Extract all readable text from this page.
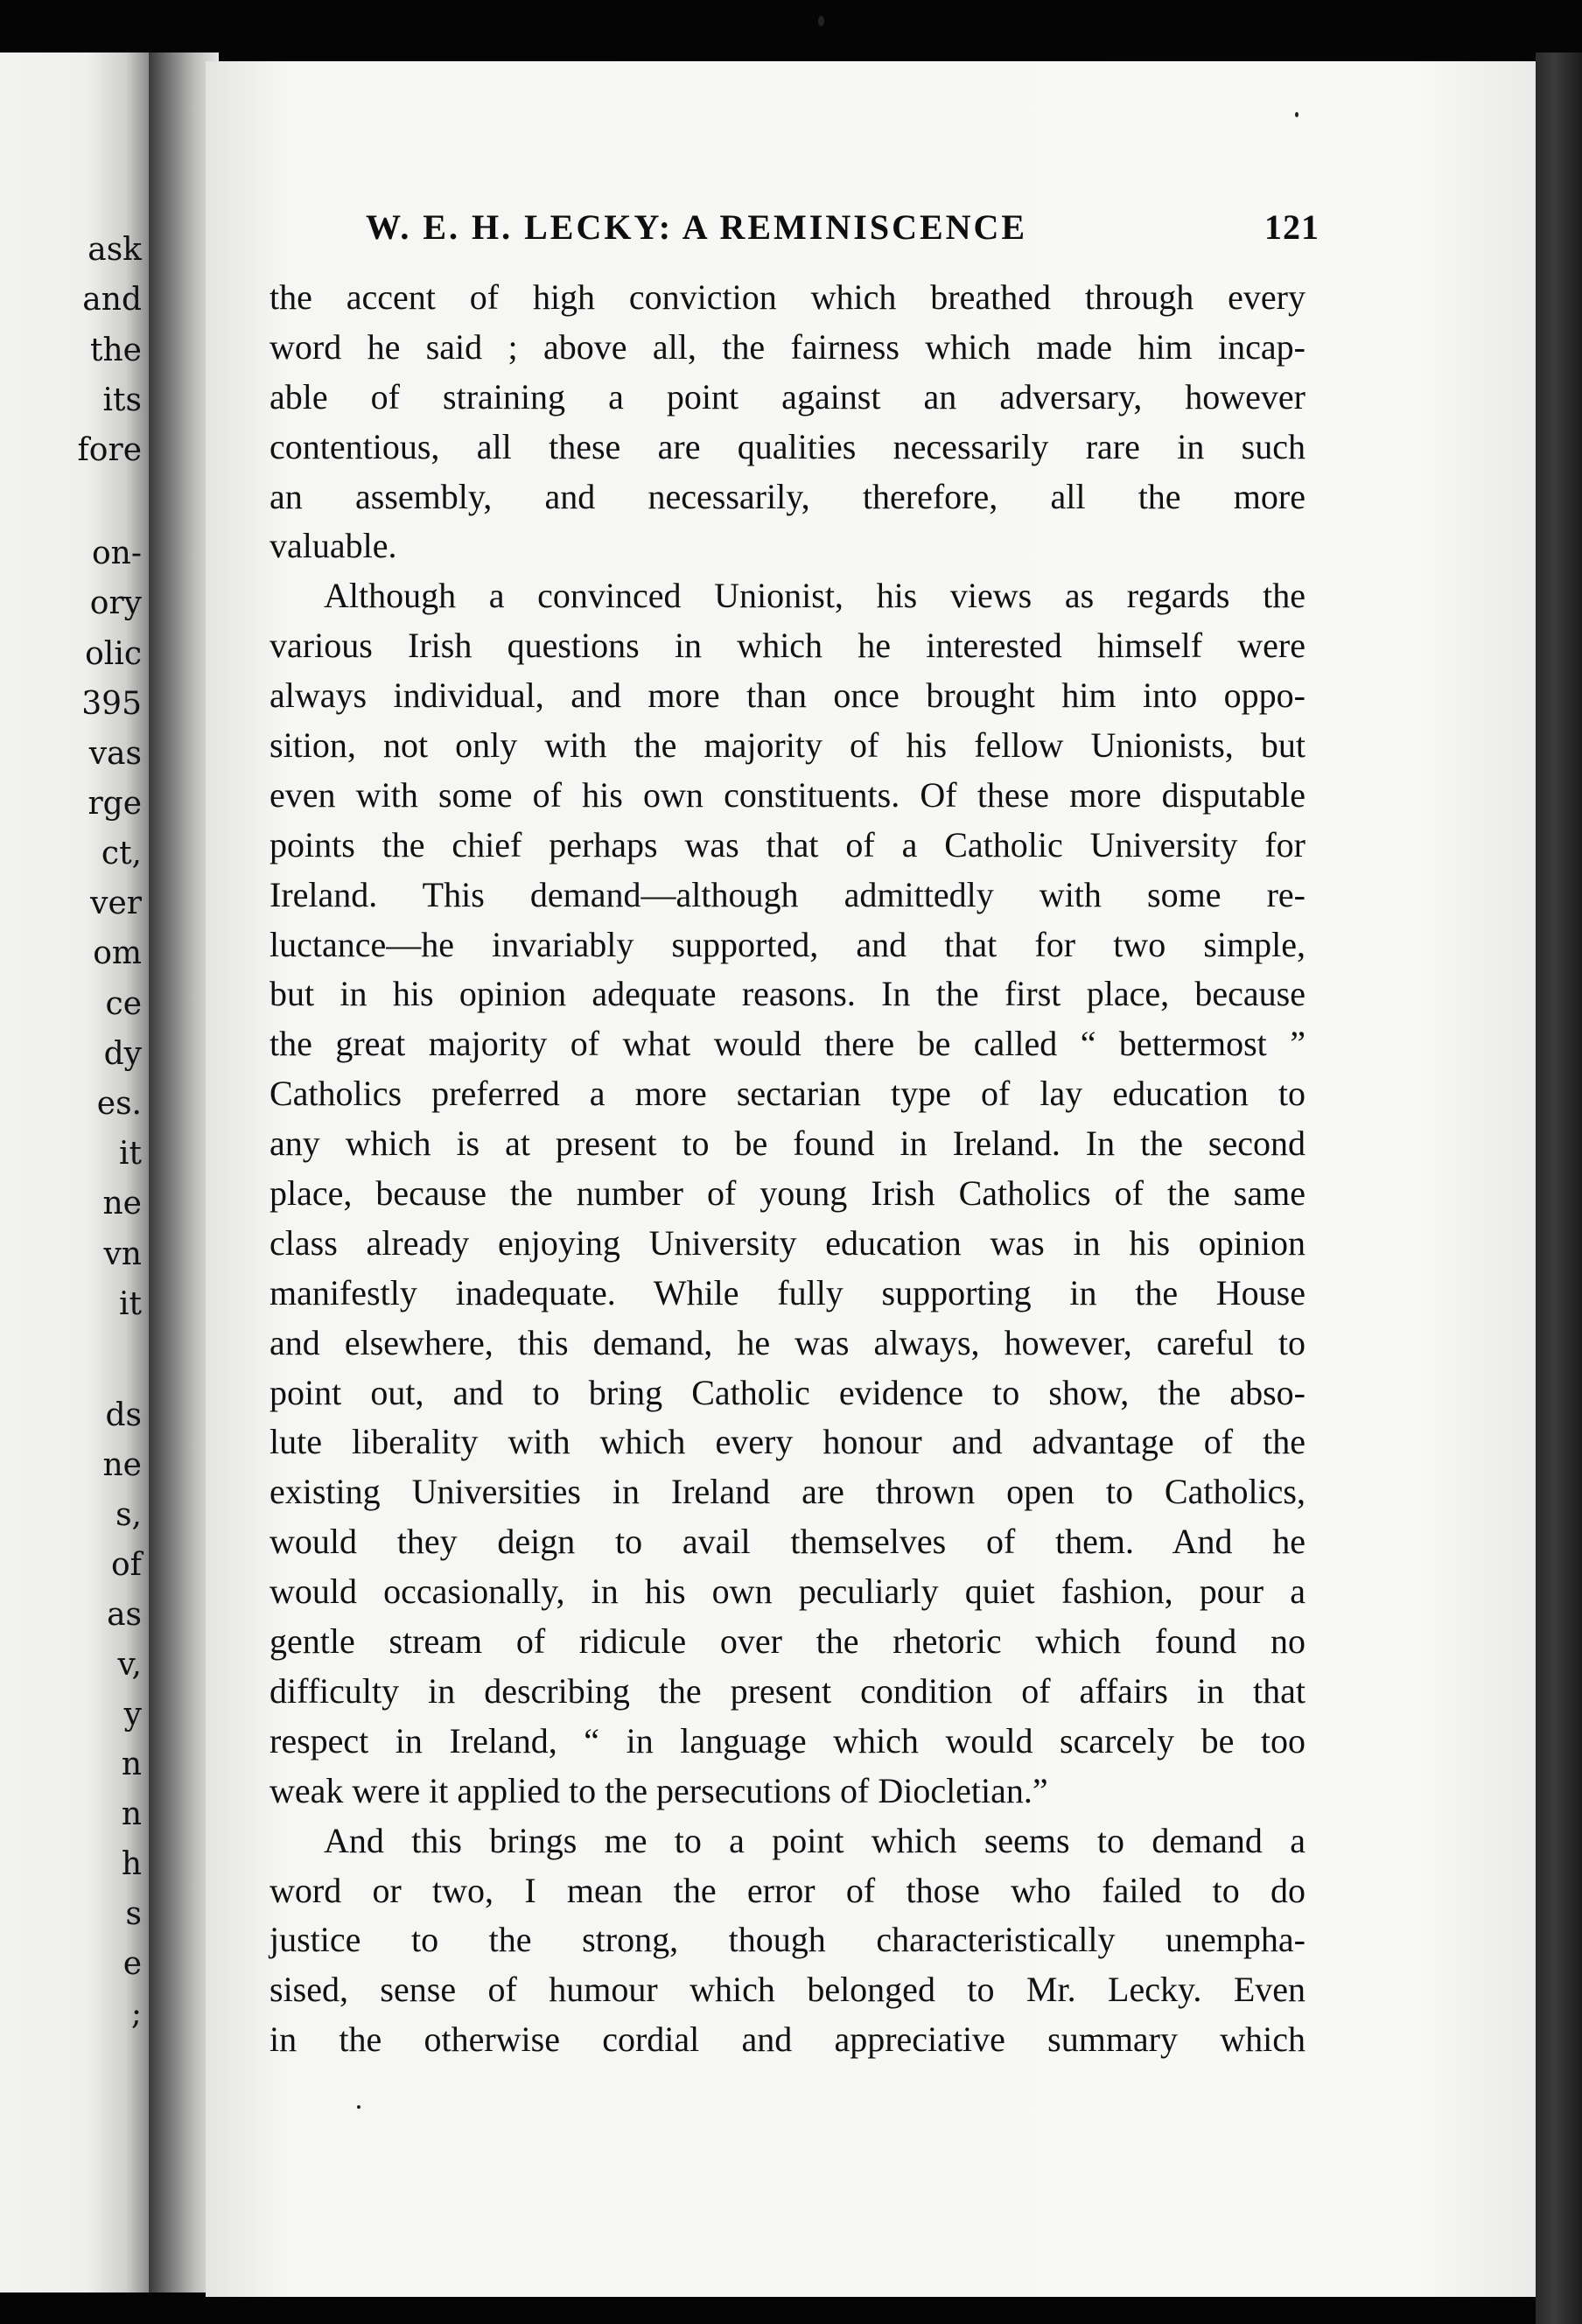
ask
and
the
its
fore
on-
ory
olic
395
vas
rge
ct,
ver
om
ce
dy
es.
it
ne
vn
it
ds
ne
s,
of
as
v,
y
n
n
h
s
e
;
W. E. H. LECKY: A REMINISCENCE	121
the accent of high conviction which breathed through every
word he said ; above all, the fairness which made him incap-
able of straining a point against an adversary, however
contentious, all these are qualities necessarily rare in such
an assembly, and necessarily, therefore, all the more
valuable.
Although a convinced Unionist, his views as regards the
various Irish questions in which he interested himself were
always individual, and more than once brought him into oppo-
sition, not only with the majority of his fellow Unionists, but
even with some of his own constituents. Of these more disputable
points the chief perhaps was that of a Catholic University for
Ireland. This demand—although admittedly with some re-
luctance—he invariably supported, and that for two simple,
but in his opinion adequate reasons. In the first place, because
the great majority of what would there be called “ bettermost ”
Catholics preferred a more sectarian type of lay education to
any which is at present to be found in Ireland. In the second
place, because the number of young Irish Catholics of the same
class already enjoying University education was in his opinion
manifestly inadequate. While fully supporting in the House
and elsewhere, this demand, he was always, however, careful to
point out, and to bring Catholic evidence to show, the abso-
lute liberality with which every honour and advantage of the
existing Universities in Ireland are thrown open to Catholics,
would they deign to avail themselves of them. And he
would occasionally, in his own peculiarly quiet fashion, pour a
gentle stream of ridicule over the rhetoric which found no
difficulty in describing the present condition of affairs in that
respect in Ireland, “ in language which would scarcely be too
weak were it applied to the persecutions of Diocletian.”
And this brings me to a point which seems to demand a
word or two, I mean the error of those who failed to do
justice to the strong, though characteristically unempha-
sised, sense of humour which belonged to Mr. Lecky. Even
in the otherwise cordial and appreciative summary which
